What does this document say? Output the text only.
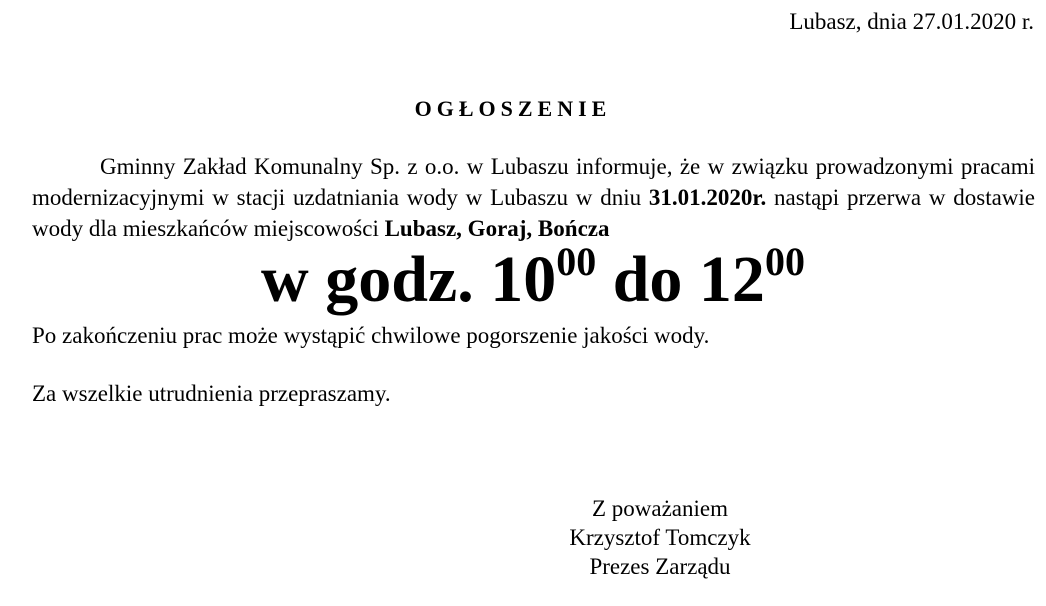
Lubasz, dnia 27.01.2020 r.
OGŁOSZENIE
Gminny Zakład Komunalny Sp. z o.o. w Lubaszu informuje, że w związku prowadzonymi pracami modernizacyjnymi w stacji uzdatniania wody w Lubaszu w dniu 31.01.2020r. nastąpi przerwa w dostawie wody dla mieszkańców miejscowości Lubasz, Goraj, Bończa
w godz. $10^{00}$ do $12^{00}$
Po zakończeniu prac może wystąpić chwilowe pogorszenie jakości wody.
Za wszelkie utrudnienia przepraszamy.
Z poważaniem
Krzysztof Tomczyk
Prezes Zarządu
